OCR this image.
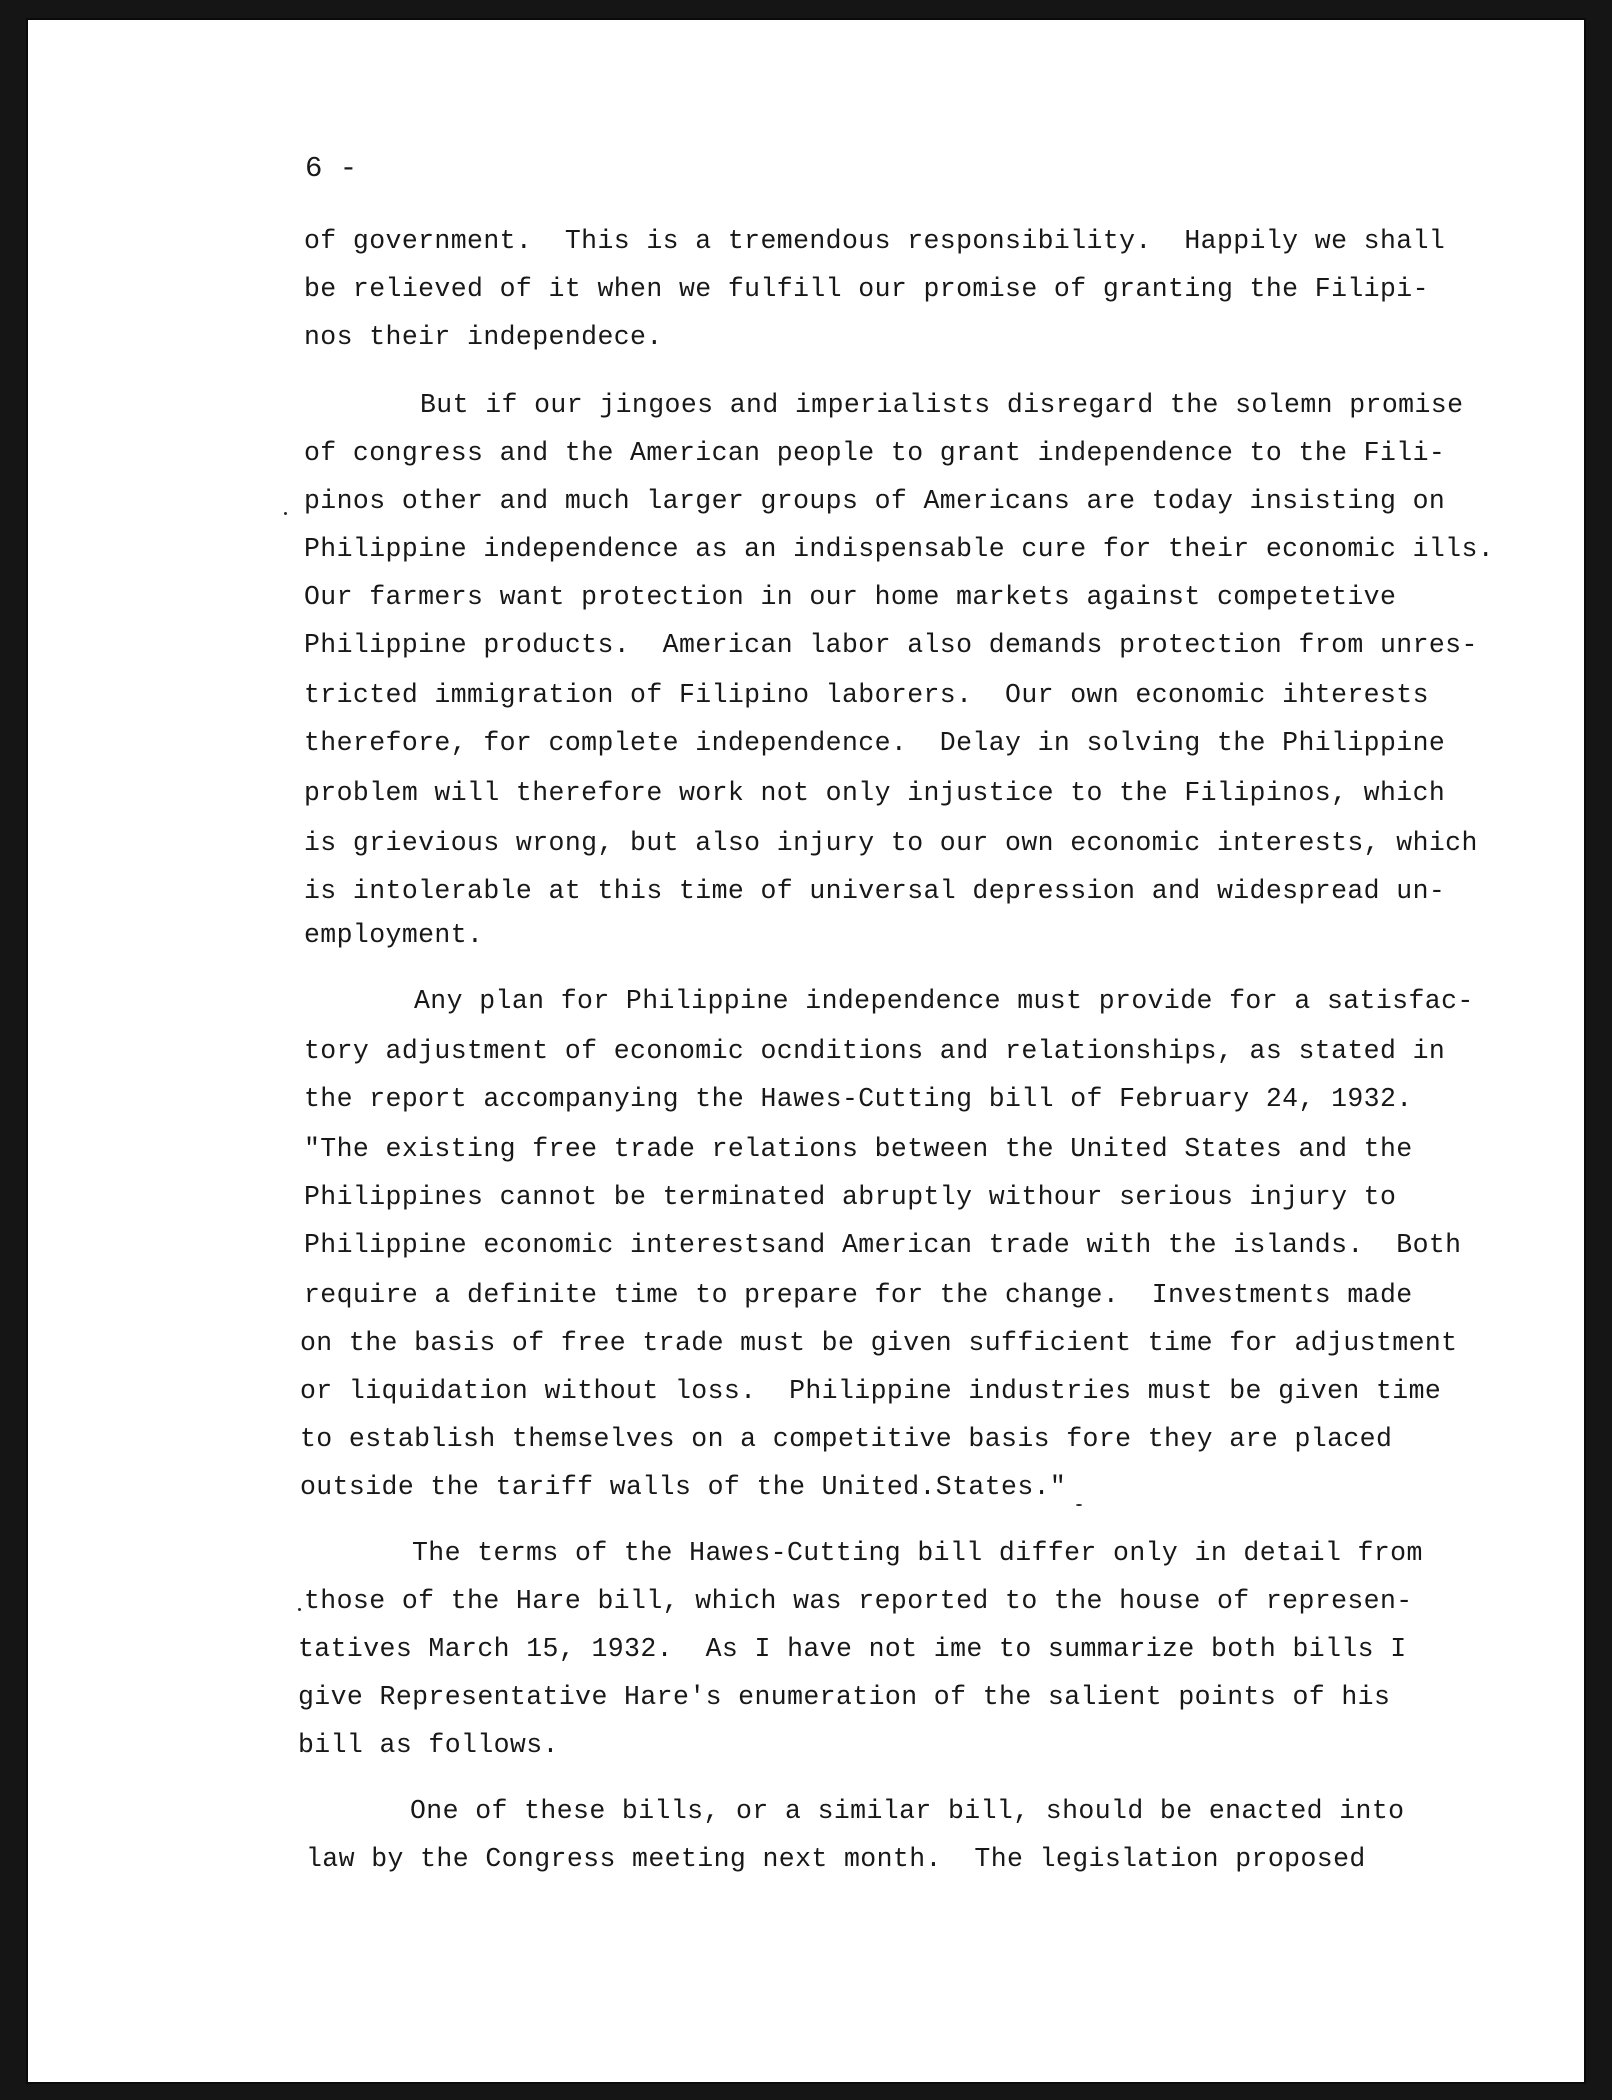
6 -
of government.  This is a tremendous responsibility.  Happily we shall
be relieved of it when we fulfill our promise of granting the Filipi-
nos their independece.
But if our jingoes and imperialists disregard the solemn promise
of congress and the American people to grant independence to the Fili-
pinos other and much larger groups of Americans are today insisting on
Philippine independence as an indispensable cure for their economic ills.
Our farmers want protection in our home markets against competetive
Philippine products.  American labor also demands protection from unres-
tricted immigration of Filipino laborers.  Our own economic ihterests
therefore, for complete independence.  Delay in solving the Philippine
problem will therefore work not only injustice to the Filipinos, which
is grievious wrong, but also injury to our own economic interests, which
is intolerable at this time of universal depression and widespread un-
employment.
Any plan for Philippine independence must provide for a satisfac-
tory adjustment of economic ocnditions and relationships, as stated in
the report accompanying the Hawes-Cutting bill of February 24, 1932.
"The existing free trade relations between the United States and the
Philippines cannot be terminated abruptly withour serious injury to
Philippine economic interestsand American trade with the islands.  Both
require a definite time to prepare for the change.  Investments made
on the basis of free trade must be given sufficient time for adjustment
or liquidation without loss.  Philippine industries must be given time
to establish themselves on a competitive basis fore they are placed
outside the tariff walls of the United.States."
The terms of the Hawes-Cutting bill differ only in detail from
those of the Hare bill, which was reported to the house of represen-
tatives March 15, 1932.  As I have not ime to summarize both bills I
give Representative Hare's enumeration of the salient points of his
bill as follows.
One of these bills, or a similar bill, should be enacted into
law by the Congress meeting next month.  The legislation proposed
